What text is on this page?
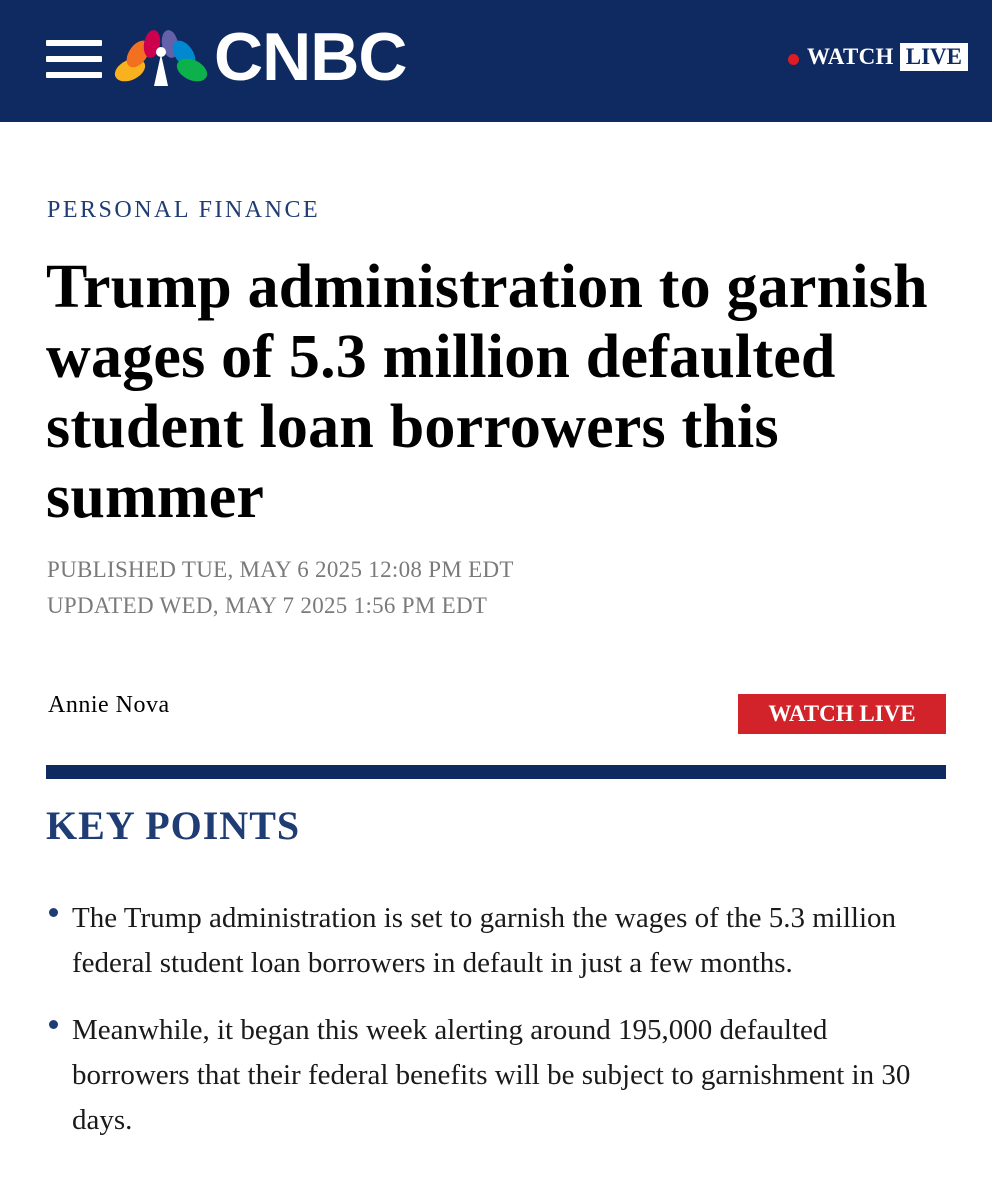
CNBC	WATCH LIVE
PERSONAL FINANCE
Trump administration to garnish wages of 5.3 million defaulted student loan borrowers this summer
PUBLISHED TUE, MAY 6 2025 12:08 PM EDT
UPDATED WED, MAY 7 2025 1:56 PM EDT
Annie Nova	WATCH LIVE
KEY POINTS
The Trump administration is set to garnish the wages of the 5.3 million federal student loan borrowers in default in just a few months.
Meanwhile, it began this week alerting around 195,000 defaulted borrowers that their federal benefits will be subject to garnishment in 30 days.
